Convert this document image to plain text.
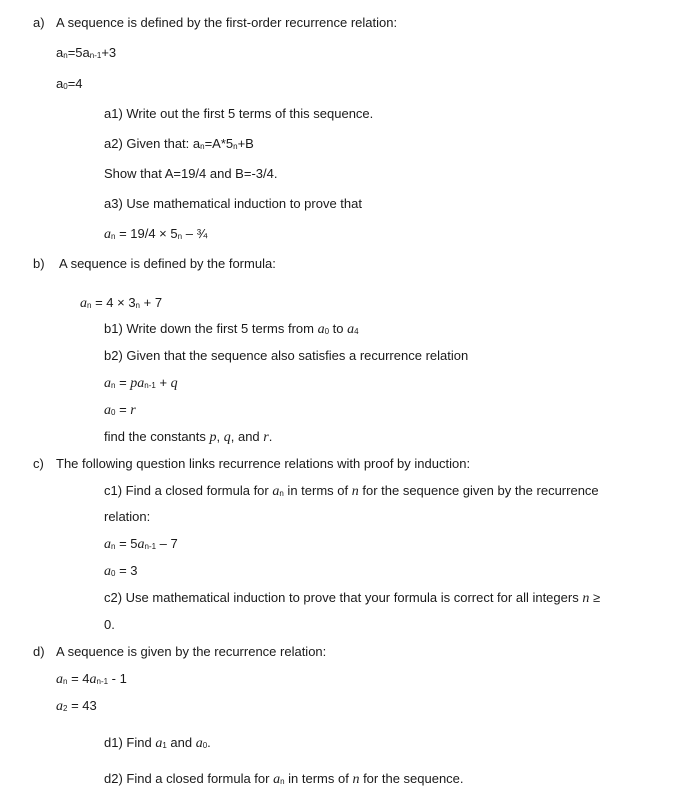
a) A sequence is defined by the first-order recurrence relation:
an=5an-1+3
a0=4
a1) Write out the first 5 terms of this sequence.
a2) Given that: an=A*5n+B
Show that A=19/4 and B=-3/4.
a3) Use mathematical induction to prove that
an = 19/4 × 5n – ¾
b) A sequence is defined by the formula:
an = 4 × 3n + 7
b1) Write down the first 5 terms from a0 to a4
b2) Given that the sequence also satisfies a recurrence relation
an = pan-1 + q
a0 = r
find the constants p, q, and r.
c) The following question links recurrence relations with proof by induction:
c1) Find a closed formula for an in terms of n for the sequence given by the recurrence
relation:
an = 5an-1 – 7
a0 = 3
c2) Use mathematical induction to prove that your formula is correct for all integers n ≥
0.
d) A sequence is given by the recurrence relation:
an = 4an-1 - 1
a2 = 43
d1) Find a1 and a0.
d2) Find a closed formula for an in terms of n for the sequence.
